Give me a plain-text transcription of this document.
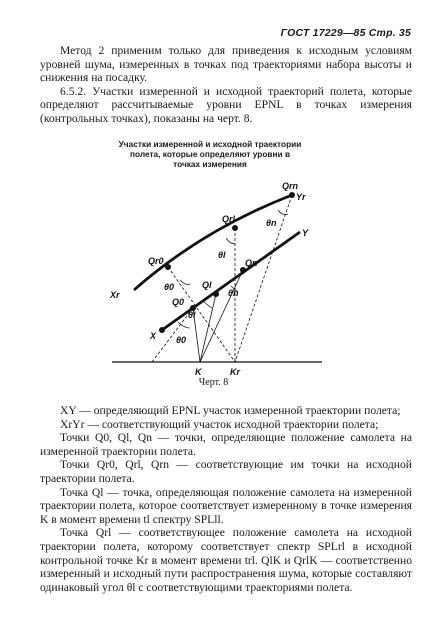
ГОСТ 17229—85 Стр. 35

Метод 2 применим только для приведения к исходным условиям уровней шума, измеренных в точках под траекториями набора высоты и снижения на посадку.

6.5.2. Участки измеренной и исходной траекторий полета, которые определяют рассчитываемые уровни EPNL в точках измерения (контрольных точках), показаны на черт. 8.

Участки измеренной и исходной траектории полета, которые определяют уровни в точках измерения
Xr
Yr
X
Y
Qr0
Qrl
Qrn
Q0
Ql
Qn
θ0
θl
θn
θ0
θl
θn
K	Kr
Черт. 8

XY — определяющий EPNL участок измеренной траектории полета;

XrYr — соответствующий участок исходной траектории полета;

Точки Q0, Ql, Qn — точки, определяющие положение самолета на измеренной траектории полета.

Точки Qr0, Qrl, Qrn — соответствующие им точки на исходной траектории полета.

Точка Ql — точка, определяющая положение самолета на измеренной траектории полета, которое соответствует измеренному в точке измерения K в момент времени tl спектру SPLll.

Точка Qrl — соответствующее положение самолета на исходной траектории полета, которому соответствует спектр SPLrl в исходной контрольной точке Kr в момент времени trl. QlK и QrlK — соответственно измеренный и исходный пути распространения шума, которые составляют одинаковый угол θl с соответствующими траекториями полета.
